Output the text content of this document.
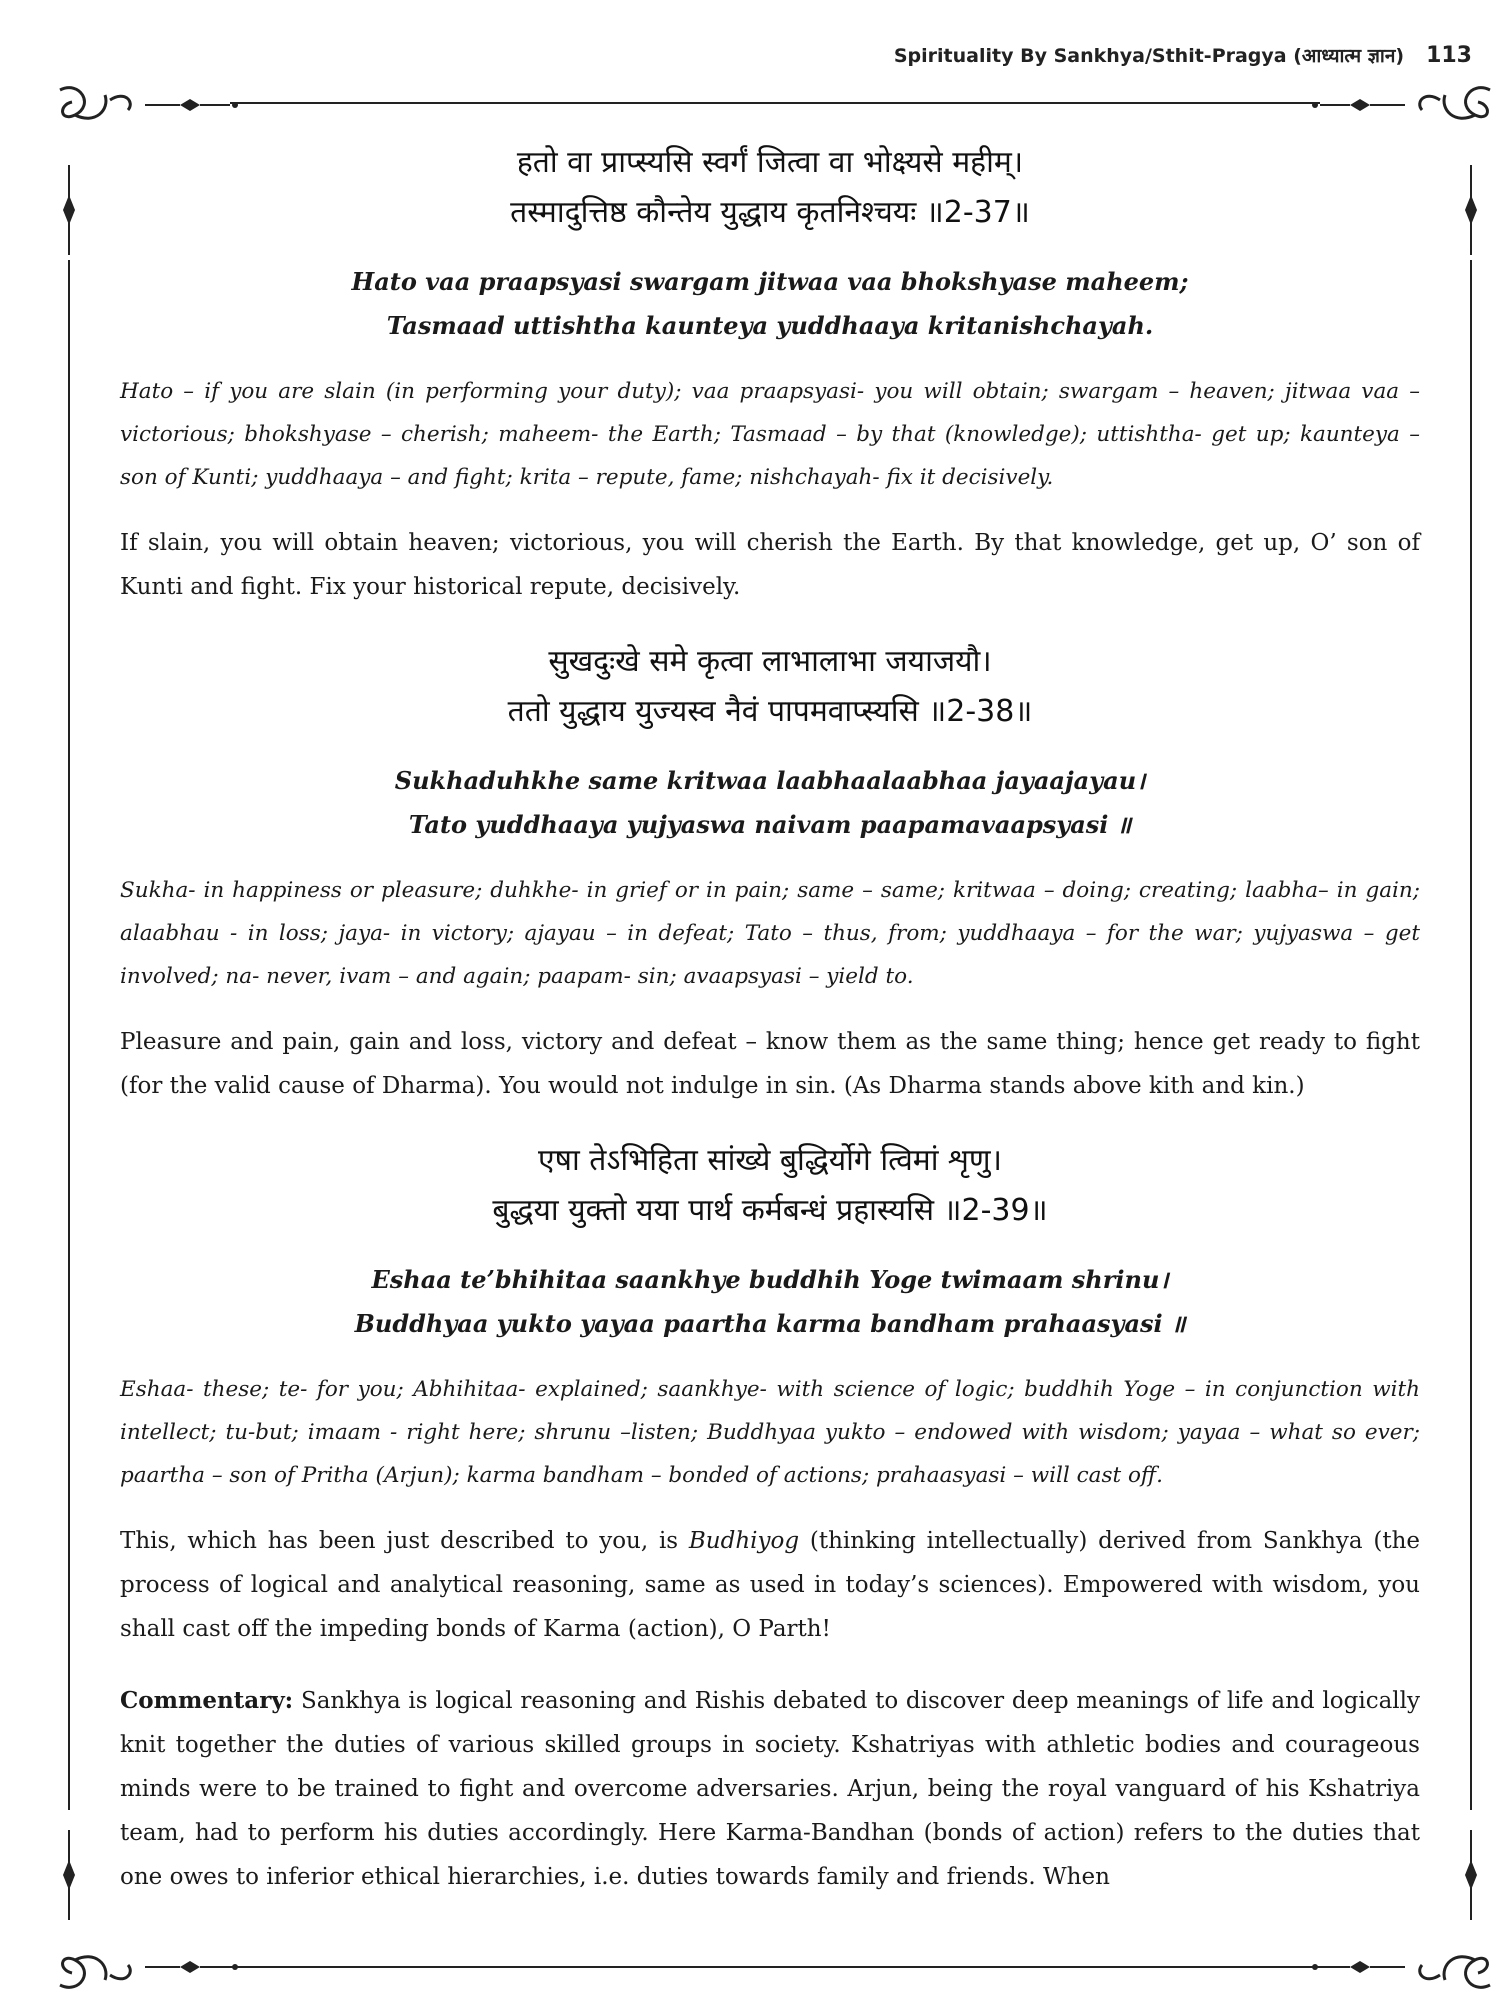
Spirituality By Sankhya/Sthit-Pragya (आध्यात्म ज्ञान) 113

हतो वा प्राप्स्यसि स्वर्गं जित्वा वा भोक्ष्यसे महीम्।

तस्मादुत्तिष्ठ कौन्तेय युद्धाय कृतनिश्चयः ॥2-37॥

Hato vaa praapsyasi swargam jitwaa vaa bhokshyase maheem;

Tasmaad uttishtha kaunteya yuddhaaya kritanishchayah.

Hato – if you are slain (in performing your duty); vaa praapsyasi- you will obtain; swargam – heaven; jitwaa vaa – victorious; bhokshyase – cherish; maheem- the Earth; Tasmaad – by that (knowledge); uttishtha- get up; kaunteya – son of Kunti; yuddhaaya – and fight; krita – repute, fame; nishchayah- fix it decisively.

If slain, you will obtain heaven; victorious, you will cherish the Earth. By that knowledge, get up, O’ son of Kunti and fight. Fix your historical repute, decisively.

सुखदुःखे समे कृत्वा लाभालाभा जयाजयौ।

ततो युद्धाय युज्यस्व नैवं पापमवाप्स्यसि ॥2-38॥

Sukhaduhkhe same kritwaa laabhaalaabhaa jayaajayau।

Tato yuddhaaya yujyaswa naivam paapamavaapsyasi ॥

Sukha- in happiness or pleasure; duhkhe- in grief or in pain; same – same; kritwaa – doing; creating; laabha– in gain; alaabhau - in loss; jaya- in victory; ajayau – in defeat; Tato – thus, from; yuddhaaya – for the war; yujyaswa – get involved; na- never, ivam – and again; paapam- sin; avaapsyasi – yield to.

Pleasure and pain, gain and loss, victory and defeat – know them as the same thing; hence get ready to fight (for the valid cause of Dharma). You would not indulge in sin. (As Dharma stands above kith and kin.)

एषा तेऽभिहिता सांख्ये बुद्धिर्योगे त्विमां शृणु।

बुद्धया युक्तो यया पार्थ कर्मबन्धं प्रहास्यसि ॥2-39॥

Eshaa te’bhihitaa saankhye buddhih Yoge twimaam shrinu।

Buddhyaa yukto yayaa paartha karma bandham prahaasyasi ॥

Eshaa- these; te- for you; Abhihitaa- explained; saankhye- with science of logic; buddhih Yoge – in conjunction with intellect; tu-but; imaam - right here; shrunu –listen; Buddhyaa yukto – endowed with wisdom; yayaa – what so ever; paartha – son of Pritha (Arjun); karma bandham – bonded of actions; prahaasyasi – will cast off.

This, which has been just described to you, is Budhiyog (thinking intellectually) derived from Sankhya (the process of logical and analytical reasoning, same as used in today’s sciences). Empowered with wisdom, you shall cast off the impeding bonds of Karma (action), O Parth!

Commentary: Sankhya is logical reasoning and Rishis debated to discover deep meanings of life and logically knit together the duties of various skilled groups in society. Kshatriyas with athletic bodies and courageous minds were to be trained to fight and overcome adversaries. Arjun, being the royal vanguard of his Kshatriya team, had to perform his duties accordingly. Here Karma-Bandhan (bonds of action) refers to the duties that one owes to inferior ethical hierarchies, i.e. duties towards family and friends. When
